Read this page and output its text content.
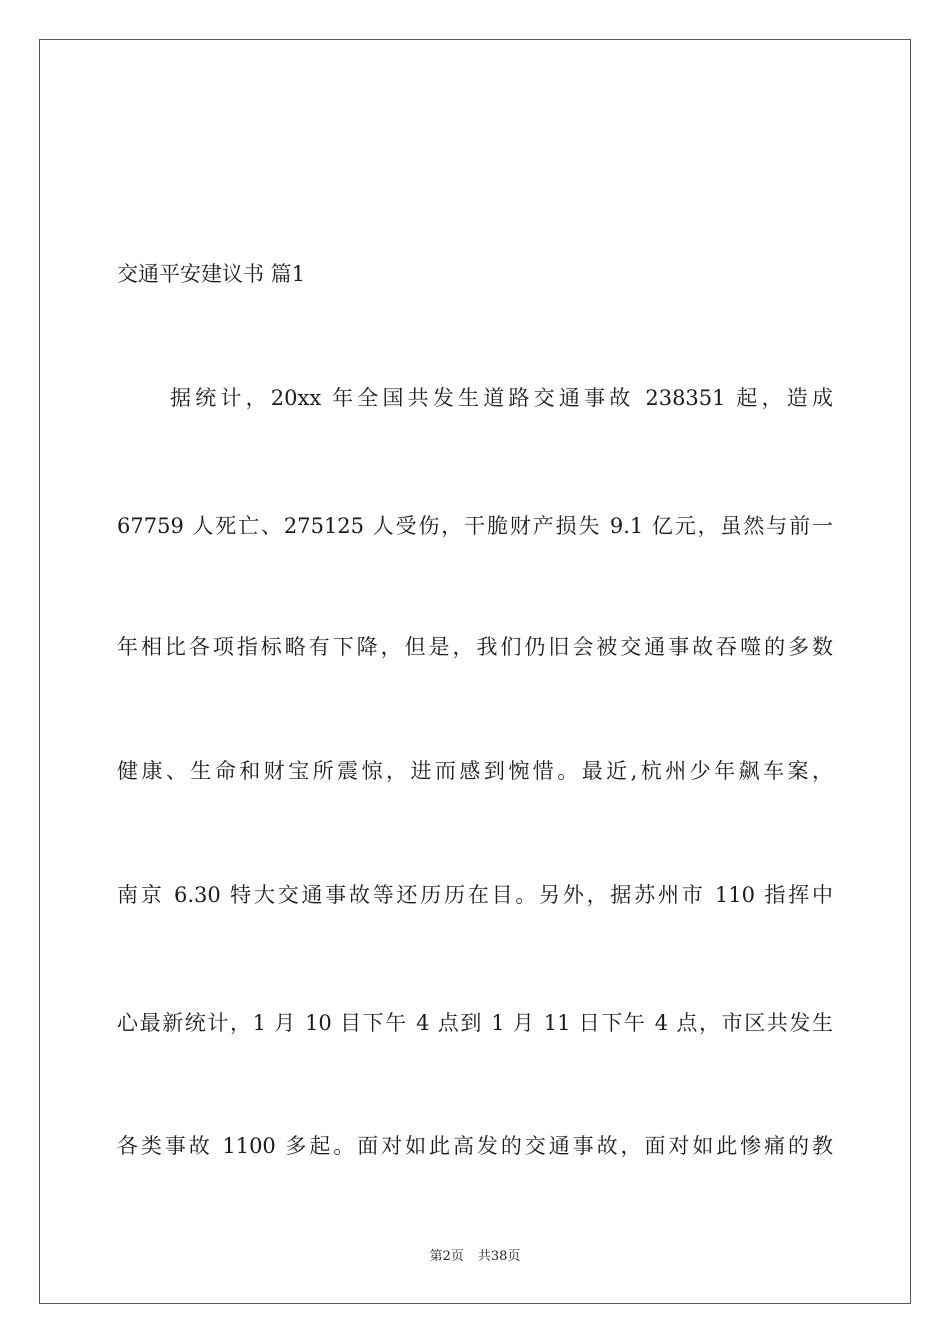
交通平安建议书 篇1
据统计，20xx 年全国共发生道路交通事故 238351 起，造成
67759 人死亡、275125 人受伤，干脆财产损失 9.1 亿元，虽然与前一
年相比各项指标略有下降，但是，我们仍旧会被交通事故吞噬的多数
健康、生命和财宝所震惊，进而感到惋惜。最近,杭州少年飙车案，
南京 6.30 特大交通事故等还历历在目。另外，据苏州市 110 指挥中
心最新统计，1 月 10 目下午 4 点到 1 月 11 日下午 4 点，市区共发生
各类事故 1100 多起。面对如此高发的交通事故，面对如此惨痛的教
第2页 共38页
